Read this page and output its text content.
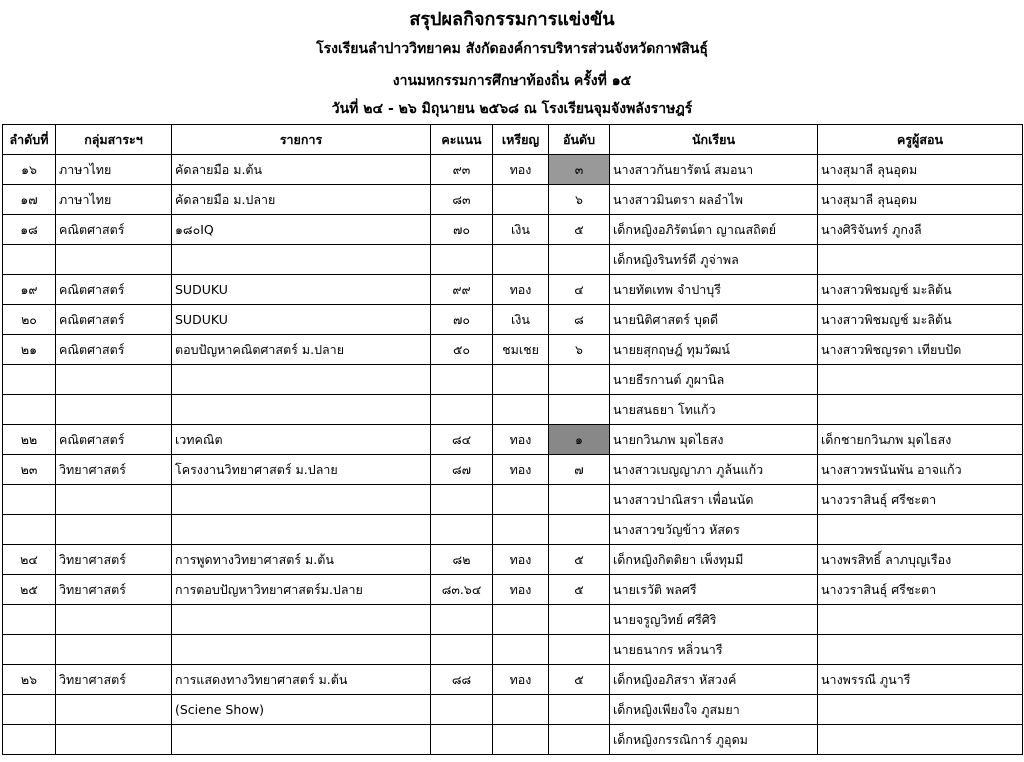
สรุปผลกิจกรรมการแข่งขัน
โรงเรียนลำปาววิทยาคม สังกัดองค์การบริหารส่วนจังหวัดกาฬสินธุ์
งานมหกรรมการศึกษาท้องถิ่น ครั้งที่ ๑๕
วันที่ ๒๔ - ๒๖ มิถุนายน ๒๕๖๘ ณ โรงเรียนจุมจังพลังราษฎร์
ลำดับที่	กลุ่มสาระฯ	รายการ	คะแนน	เหรียญ	อันดับ	นักเรียน	ครูผู้สอน
๑๖	ภาษาไทย	คัดลายมือ ม.ต้น	๙๓	ทอง	๓	นางสาวกันยารัตน์ สมอนา	นางสุมาลี ลุนอุดม
๑๗	ภาษาไทย	คัดลายมือ ม.ปลาย	๘๓		๖	นางสาวมินตรา ผลอำไพ	นางสุมาลี ลุนอุดม
๑๘	คณิตศาสตร์	๑๘๐IQ	๗๐	เงิน	๕	เด็กหญิงอภิรัตน์ตา ญาณสถิตย์	นางศิริจันทร์ ภูกงลี
						เด็กหญิงรินทร์ดี ภูจ่าพล	
๑๙	คณิตศาสตร์	SUDUKU	๙๙	ทอง	๔	นายทัตเทพ จำปาบุรี	นางสาวพิชมญช์ มะลิต้น
๒๐	คณิตศาสตร์	SUDUKU	๗๐	เงิน	๘	นายนิติศาสตร์ บุดดี	นางสาวพิชมญช์ มะลิต้น
๒๑	คณิตศาสตร์	ตอบปัญหาคณิตศาสตร์ ม.ปลาย	๕๐	ชมเชย	๖	นายยสุกฤษฎ์ ทุมวัฒน์	นางสาวพิชญรดา เทียบปัด
						นายธีรกานต์ ภูผานิล	
						นายสนธยา โทแก้ว	
๒๒	คณิตศาสตร์	เวทคณิต	๘๔	ทอง	๑	นายกวินภพ มุดไธสง	เด็กชายกวินภพ มุดไธสง
๒๓	วิทยาศาสตร์	โครงงานวิทยาศาสตร์ ม.ปลาย	๘๗	ทอง	๗	นางสาวเบญญาภา ภูล้นแก้ว	นางสาวพรนันพัน อาจแก้ว
						นางสาวปาณิสรา เพื่อนนัด	นางวราสินธุ์ ศรีชะตา
						นางสาวขวัญข้าว หัสดร	
๒๔	วิทยาศาสตร์	การพูดทางวิทยาศาสตร์ ม.ต้น	๘๒	ทอง	๕	เด็กหญิงกิตติยา เพ็งทุมมี	นางพรสิทธิ์ ลาภบุญเรือง
๒๕	วิทยาศาสตร์	การตอบปัญหาวิทยาศาสตร์ม.ปลาย	๘๓.๖๔	ทอง	๕	นายเรวัติ พลศรี	นางวราสินธุ์ ศรีชะตา
						นายจรูญวิทย์ ศรีศิริ	
						นายธนากร หลิ่วนารี	
๒๖	วิทยาศาสตร์	การแสดงทางวิทยาศาสตร์ ม.ต้น	๘๘	ทอง	๕	เด็กหญิงอภิสรา หัสวงค์	นางพรรณี ภูนารี
		(Sciene Show)				เด็กหญิงเพียงใจ ภูสมยา	
						เด็กหญิงกรรณิการ์ ภูอุดม	
